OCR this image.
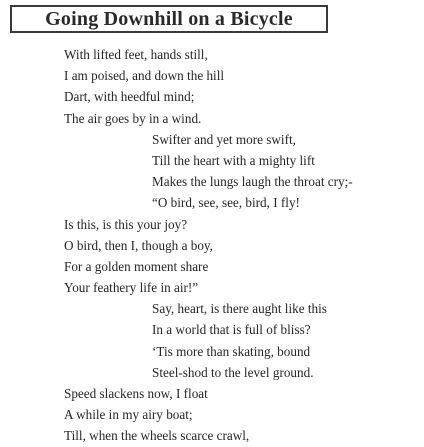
Going Downhill on a Bicycle
With lifted feet, hands still,
I am poised, and down the hill
Dart, with heedful mind;
The air goes by in a wind.
Swifter and yet more swift,
Till the heart with a mighty lift
Makes the lungs laugh the throat cry;-
“O bird, see, see, bird, I fly!
Is this, is this your joy?
O bird, then I, though a boy,
For a golden moment share
Your feathery life in air!”
Say, heart, is there aught like this
In a world that is full of bliss?
‘Tis more than skating, bound
Steel-shod to the level ground.
Speed slackens now, I float
A while in my airy boat;
Till, when the wheels scarce crawl,
